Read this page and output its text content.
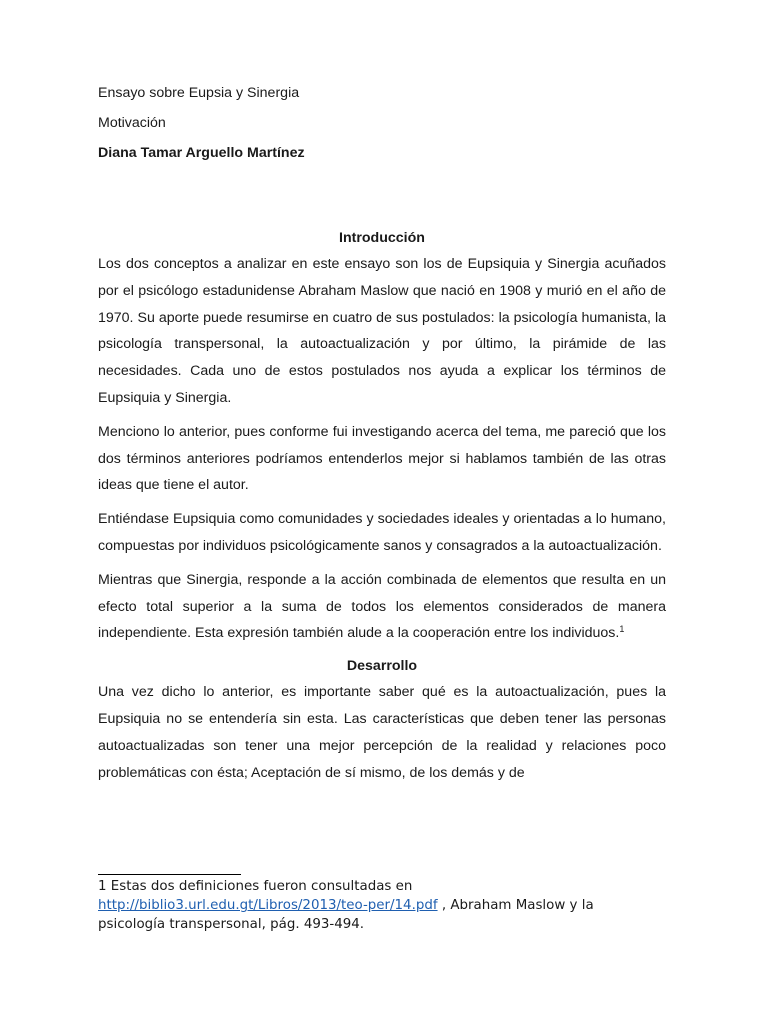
Ensayo sobre Eupsia y Sinergia
Motivación
Diana Tamar Arguello Martínez
Introducción

Los dos conceptos a analizar en este ensayo son los de Eupsiquia y Sinergia acuñados por el psicólogo estadunidense Abraham Maslow que nació en 1908 y murió en el año de 1970. Su aporte puede resumirse en cuatro de sus postulados: la psicología humanista, la psicología transpersonal, la autoactualización y por último, la pirámide de las necesidades. Cada uno de estos postulados nos ayuda a explicar los términos de Eupsiquia y Sinergia.

Menciono lo anterior, pues conforme fui investigando acerca del tema, me pareció que los dos términos anteriores podríamos entenderlos mejor si hablamos también de las otras ideas que tiene el autor.

Entiéndase Eupsiquia como comunidades y sociedades ideales y orientadas a lo humano, compuestas por individuos psicológicamente sanos y consagrados a la autoactualización.

Mientras que Sinergia, responde a la acción combinada de elementos que resulta en un efecto total superior a la suma de todos los elementos considerados de manera independiente. Esta expresión también alude a la cooperación entre los individuos.$^1$

Desarrollo

Una vez dicho lo anterior, es importante saber qué es la autoactualización, pues la Eupsiquia no se entendería sin esta. Las características que deben tener las personas autoactualizadas son tener una mejor percepción de la realidad y relaciones poco problemáticas con ésta; Aceptación de sí mismo, de los demás y de

1 Estas dos definiciones fueron consultadas en
http://biblio3.url.edu.gt/Libros/2013/teo-per/14.pdf , Abraham Maslow y la psicología transpersonal, pág. 493-494.
